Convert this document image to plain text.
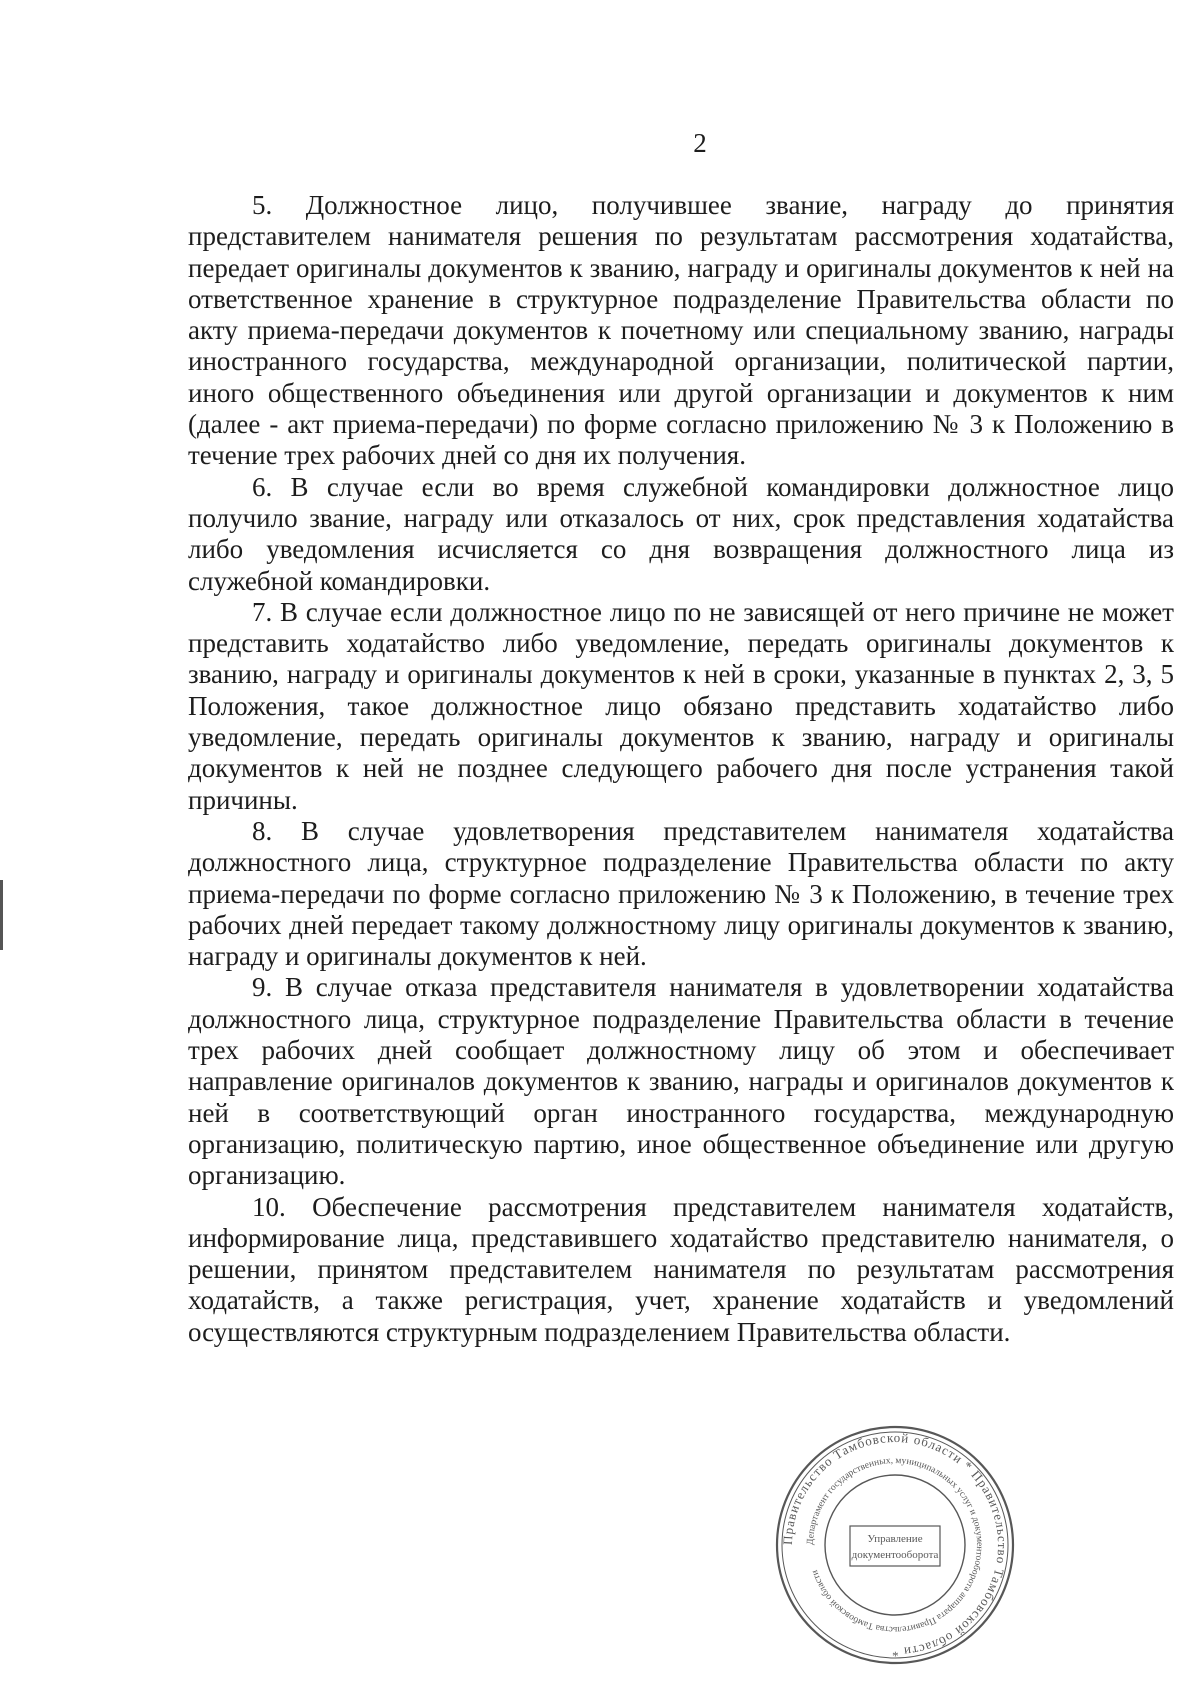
2

5. Должностное лицо, получившее звание, награду до принятия представителем нанимателя решения по результатам рассмотрения ходатайства, передает оригиналы документов к званию, награду и оригиналы документов к ней на ответственное хранение в структурное подразделение Правительства области по акту приема-передачи документов к почетному или специальному званию, награды иностранного государства, международной организации, политической партии, иного общественного объединения или другой организации и документов к ним (далее - акт приема-передачи) по форме согласно приложению № 3 к Положению в течение трех рабочих дней со дня их получения.

6. В случае если во время служебной командировки должностное лицо получило звание, награду или отказалось от них, срок представления ходатайства либо уведомления исчисляется со дня возвращения должностного лица из служебной командировки.

7. В случае если должностное лицо по не зависящей от него причине не может представить ходатайство либо уведомление, передать оригиналы документов к званию, награду и оригиналы документов к ней в сроки, указанные в пунктах 2, 3, 5 Положения, такое должностное лицо обязано представить ходатайство либо уведомление, передать оригиналы документов к званию, награду и оригиналы документов к ней не позднее следующего рабочего дня после устранения такой причины.

8. В случае удовлетворения представителем нанимателя ходатайства должностного лица, структурное подразделение Правительства области по акту приема-передачи по форме согласно приложению № 3 к Положению, в течение трех рабочих дней передает такому должностному лицу оригиналы документов к званию, награду и оригиналы документов к ней.

9. В случае отказа представителя нанимателя в удовлетворении ходатайства должностного лица, структурное подразделение Правительства области в течение трех рабочих дней сообщает должностному лицу об этом и обеспечивает направление оригиналов документов к званию, награды и оригиналов документов к ней в соответствующий орган иностранного государства, международную организацию, политическую партию, иное общественное объединение или другую организацию.

10. Обеспечение рассмотрения представителем нанимателя ходатайств, информирование лица, представившего ходатайство представителю нанимателя, о решении, принятом представителем нанимателя по результатам рассмотрения ходатайств, а также регистрация, учет, хранение ходатайств и уведомлений осуществляются структурным подразделением Правительства области.

Правительство Тамбовской области * Правительство Тамбовской области *
Департамент государственных, муниципальных услуг и документооборота аппарата Правительства Тамбовской области
Управление
документооборота
